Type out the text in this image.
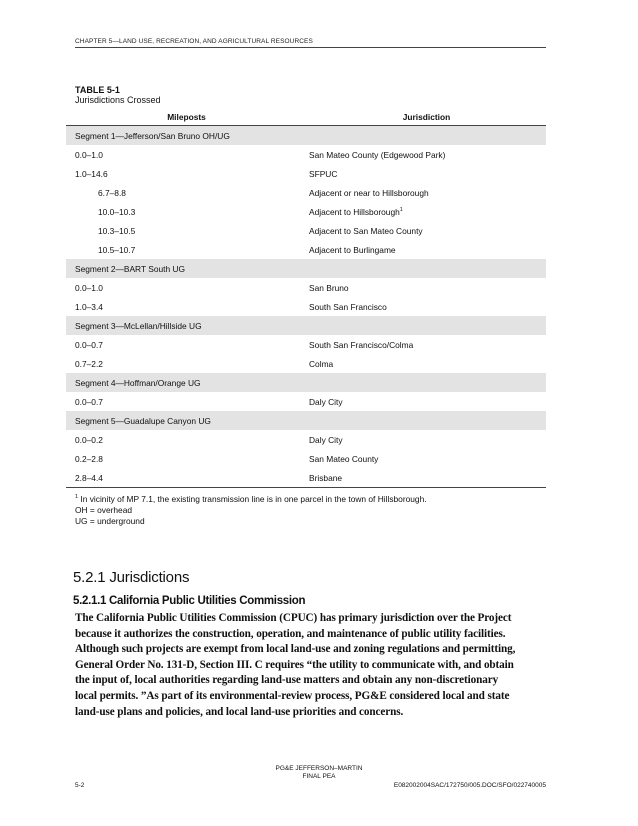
CHAPTER 5—LAND USE, RECREATION, AND AGRICULTURAL RESOURCES
TABLE 5-1
Jurisdictions Crossed
Mileposts	Jurisdiction
Segment 1—Jefferson/San Bruno OH/UG	
0.0–1.0	San Mateo County (Edgewood Park)
1.0–14.6	SFPUC
6.7–8.8	Adjacent or near to Hillsborough
10.0–10.3	Adjacent to Hillsborough$^1$
10.3–10.5	Adjacent to San Mateo County
10.5–10.7	Adjacent to Burlingame
Segment 2—BART South UG	
0.0–1.0	San Bruno
1.0–3.4	South San Francisco
Segment 3—McLellan/Hillside UG	
0.0–0.7	South San Francisco/Colma
0.7–2.2	Colma
Segment 4—Hoffman/Orange UG	
0.0–0.7	Daly City
Segment 5—Guadalupe Canyon UG	
0.0–0.2	Daly City
0.2–2.8	San Mateo County
2.8–4.4	Brisbane
$^1$ In vicinity of MP 7.1, the existing transmission line is in one parcel in the town of Hillsborough.
OH = overhead
UG = underground
5.2.1 Jurisdictions
5.2.1.1 California Public Utilities Commission
The California Public Utilities Commission (CPUC) has primary jurisdiction over the Project
because it authorizes the construction, operation, and maintenance of public utility facilities.
Although such projects are exempt from local land-use and zoning regulations and permitting,
General Order No. 131-D, Section III. C requires “the utility to communicate with, and obtain
the input of, local authorities regarding land-use matters and obtain any non-discretionary
local permits. ”As part of its environmental-review process, PG&E considered local and state
land-use plans and policies, and local land-use priorities and concerns.
PG&E JEFFERSON–MARTIN
FINAL PEA
5-2	E082002004SAC/172750/005.DOC/SFO/022740005
